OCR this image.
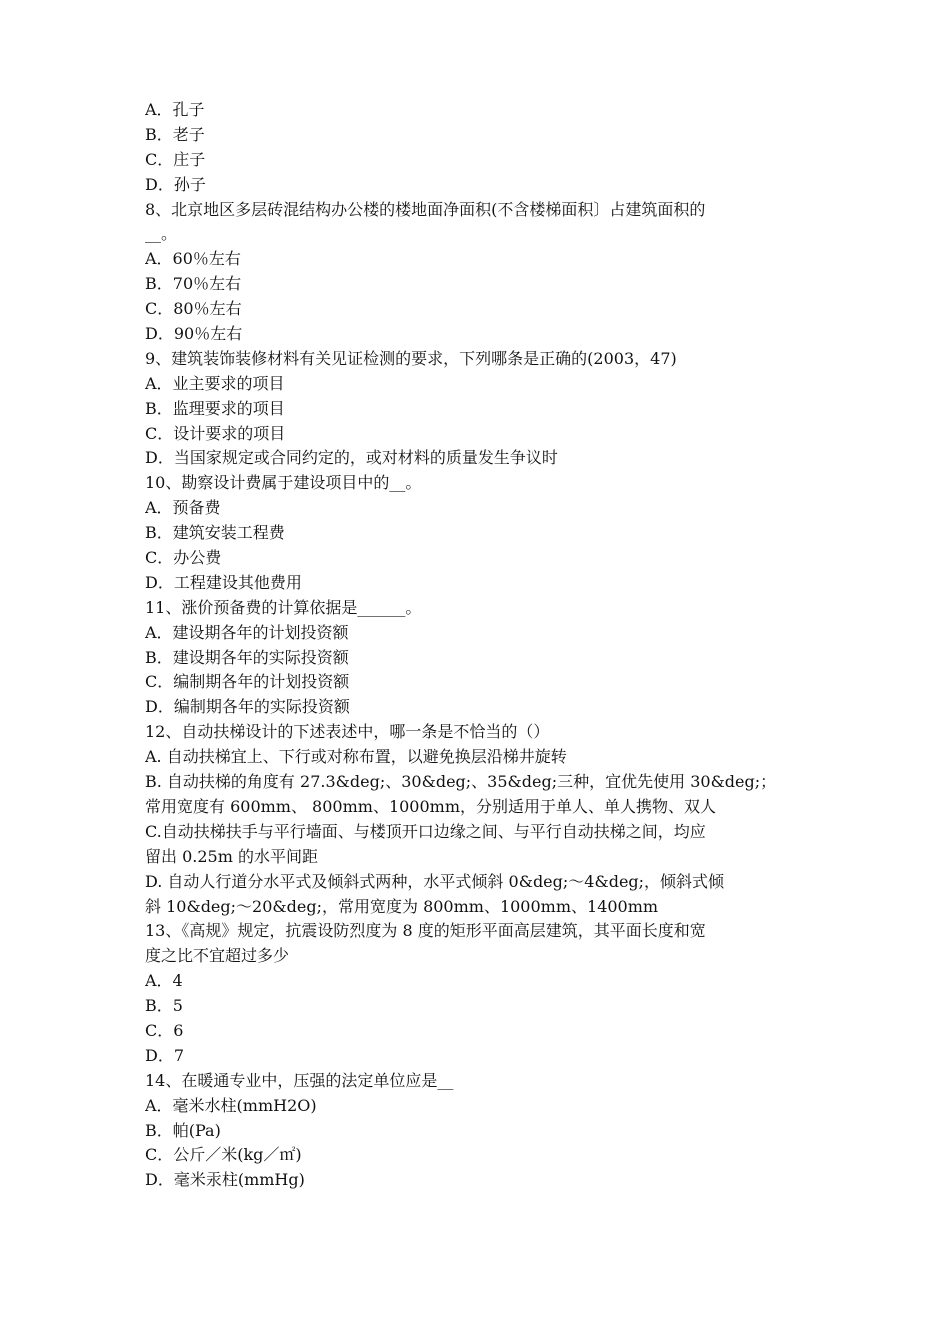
A．孔子
B．老子
C．庄子
D．孙子
8、北京地区多层砖混结构办公楼的楼地面净面积(不含楼梯面积〕占建筑面积的
__。
A．60％左右
B．70％左右
C．80％左右
D．90％左右
9、建筑装饰装修材料有关见证检测的要求，下列哪条是正确的(2003，47)
A．业主要求的项目
B．监理要求的项目
C．设计要求的项目
D．当国家规定或合同约定的，或对材料的质量发生争议时
10、勘察设计费属于建设项目中的__。
A．预备费
B．建筑安装工程费
C．办公费
D．工程建设其他费用
11、涨价预备费的计算依据是______。
A．建设期各年的计划投资额
B．建设期各年的实际投资额
C．编制期各年的计划投资额
D．编制期各年的实际投资额
12、自动扶梯设计的下述表述中，哪一条是不恰当的（）
A. 自动扶梯宜上、下行或对称布置，以避免换层沿梯井旋转
B. 自动扶梯的角度有 27.3&deg;、30&deg;、35&deg;三种，宜优先使用 30&deg;；
常用宽度有 600mm、 800mm、1000mm，分别适用于单人、单人携物、双人
C.自动扶梯扶手与平行墙面、与楼顶开口边缘之间、与平行自动扶梯之间，均应
留出 0.25m 的水平间距
D. 自动人行道分水平式及倾斜式两种，水平式倾斜 0&deg;～4&deg;，倾斜式倾
斜 10&deg;～20&deg;，常用宽度为 800mm、1000mm、1400mm
13、《高规》规定，抗震设防烈度为 8 度的矩形平面高层建筑，其平面长度和宽
度之比不宜超过多少
A．4
B．5
C．6
D．7
14、在暖通专业中，压强的法定单位应是__
A．毫米水柱(mmH2O)
B．帕(Pa)
C．公斤／米(kg／㎡)
D．毫米汞柱(mmHg)
